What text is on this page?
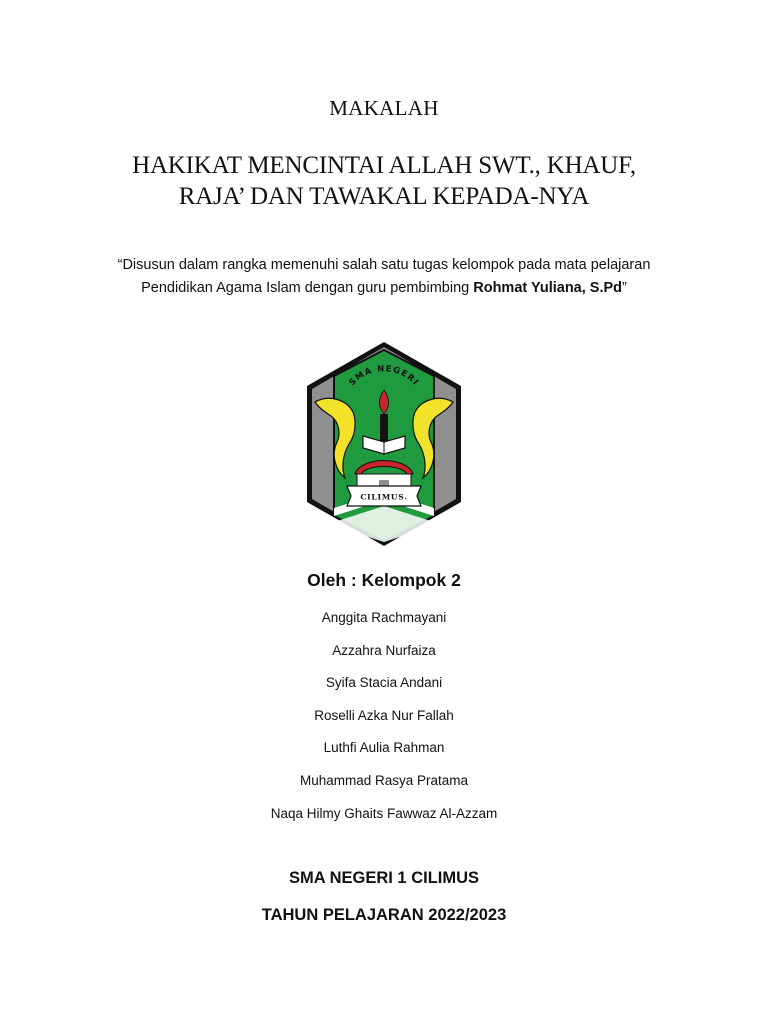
MAKALAH
HAKIKAT MENCINTAI ALLAH SWT., KHAUF,
RAJA’ DAN TAWAKAL KEPADA-NYA
“Disusun dalam rangka memenuhi salah satu tugas kelompok pada mata pelajaran
Pendidikan Agama Islam dengan guru pembimbing Rohmat Yuliana, S.Pd”
SMA NEGERI
CILIMUS.
Oleh : Kelompok 2
Anggita Rachmayani
Azzahra Nurfaiza
Syifa Stacia Andani
Roselli Azka Nur Fallah
Luthfi Aulia Rahman
Muhammad Rasya Pratama
Naqa Hilmy Ghaits Fawwaz Al-Azzam
SMA NEGERI 1 CILIMUS
TAHUN PELAJARAN 2022/2023
